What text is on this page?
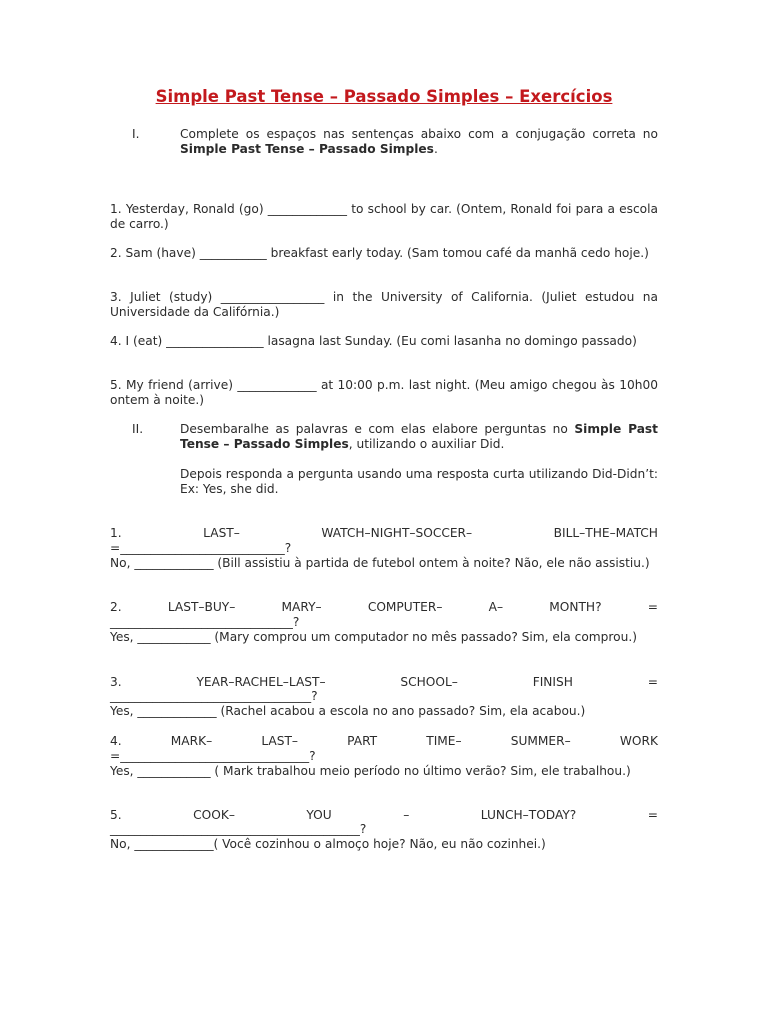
Simple Past Tense – Passado Simples – Exercícios
I.	Complete os espaços nas sentenças abaixo com a conjugação correta no Simple Past Tense – Passado Simples.
1. Yesterday, Ronald (go) _____________ to school by car. (Ontem, Ronald foi para a escola de carro.)
2. Sam (have) ___________ breakfast early today. (Sam tomou café da manhã cedo hoje.)
3. Juliet (study) _________________ in the University of California. (Juliet estudou na Universidade da Califórnia.)
4. I (eat) ________________ lasagna last Sunday. (Eu comi lasanha no domingo passado)
5. My friend (arrive) _____________ at 10:00 p.m. last night. (Meu amigo chegou às 10h00 ontem à noite.)
II.	Desembaralhe as palavras e com elas elabore perguntas no Simple Past Tense – Passado Simples, utilizando o auxiliar Did.
Depois responda a pergunta usando uma resposta curta utilizando Did-Didn’t: Ex: Yes, she did.
1.	LAST–	WATCH–NIGHT–SOCCER–	BILL–THE–MATCH
=___________________________?
No, _____________ (Bill assistiu à partida de futebol ontem à noite? Não, ele não assistiu.)
2.	LAST–BUY–	MARY–	COMPUTER–	A–	MONTH?	=
______________________________?
Yes, ____________ (Mary comprou um computador no mês passado? Sim, ela comprou.)
3.	YEAR–RACHEL–LAST–	SCHOOL–	FINISH	=
_________________________________?
Yes, _____________ (Rachel acabou a escola no ano passado? Sim, ela acabou.)
4.	MARK–	LAST–	PART	TIME–	SUMMER–	WORK
=_______________________________?
Yes, ____________ ( Mark trabalhou meio período no último verão? Sim, ele trabalhou.)
5.	COOK–	YOU	–	LUNCH–TODAY?	=
_________________________________________?
No, _____________( Você cozinhou o almoço hoje? Não, eu não cozinhei.)
